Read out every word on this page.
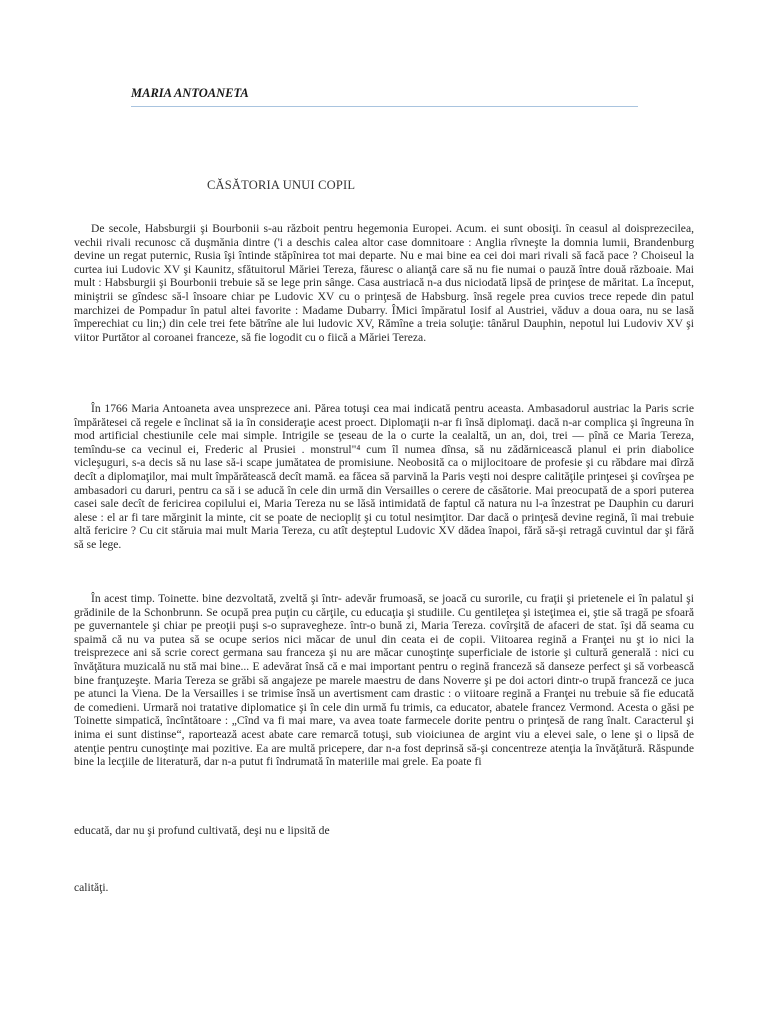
MARIA ANTOANETA
CĂSĂTORIA UNUI COPIL

De secole, Habsburgii şi Bourbonii s-au războit pentru hegemonia Europei. Acum. ei sunt obosiţi. în ceasul al doisprezecilea, vechii rivali recunosc că duşmănia dintre ('i a deschis calea altor case domnitoare : Anglia rîvneşte la domnia lumii, Brandenburg devine un regat puternic, Rusia îşi întinde stăpînirea tot mai departe. Nu e mai bine ea cei doi mari rivali să facă pace ? Choiseul la curtea iui Ludovic XV şi Kaunitz, sfătuitorul Măriei Tereza, făuresc o alianţă care să nu fie numai o pauză între două războaie. Mai mult : Habsburgii şi Bourbonii trebuie să se lege prin sânge. Casa austriacă n-a dus niciodată lipsă de prinţese de măritat. La început, miniştrii se gîndesc să-l însoare chiar pe Ludovic XV cu o prinţesă de Habsburg. însă regele prea cuvios trece repede din patul marchizei de Pompadur în patul altei favorite : Madame Dubarry. ÎMici împăratul Iosif al Austriei, văduv a doua oara, nu se lasă împerechiat cu lin;) din cele trei fete bătrîne ale lui ludovic XV, Rămîne a treia soluţie: tânărul Dauphin, nepotul lui Ludoviv XV şi viitor Purtător al coroanei franceze, să fie logodit cu o fiică a Măriei Tereza.

În 1766 Maria Antoaneta avea unsprezece ani. Părea totuşi cea mai indicată pentru aceasta. Ambasadorul austriac la Paris scrie împărătesei că regele e înclinat să ia în consideraţie acest proect. Diplomaţii n-ar fi însă diplomaţi. dacă n-ar complica şi îngreuna în mod artificial chestiunile cele mai simple. Intrigile se ţeseau de la o curte la cealaltă, un an, doi, trei — pînă ce Maria Tereza, temîndu-se ca vecinul ei, Frederic al Prusiei . monstrul"⁴ cum îl numea dînsa, să nu zădărnicească planul ei prin diabolice vicleşuguri, s-a decis să nu lase să-i scape jumătatea de promisiune. Neobosită ca o mijlocitoare de profesie şi cu răbdare mai dîrză decît a diplomaţilor, mai mult împărătească decît mamă. ea făcea să parvină la Paris veşti noi despre calităţile prinţesei şi covîrşea pe ambasadori cu daruri, pentru ca să i se aducă în cele din urmă din Versailles o cerere de căsătorie. Mai preocupată de a spori puterea casei sale decît de fericirea copilului ei, Maria Tereza nu se lăsă intimidată de faptul că natura nu l-a înzestrat pe Dauphin cu daruri alese : el ar fi tare mărginit la minte, cit se poate de neciopli̦t şi cu totul nesimţitor. Dar dacă o prinţesă devine regină, îi mai trebuie altă fericire ? Cu cit stăruia mai mult Maria Tereza, cu atît deşteptul Ludovic XV dădea înapoi, fără să-şi retragă cuvintul dar şi fără să se lege.

În acest timp. Toinette. bine dezvoltată, zveltă şi într- adevăr frumoasă, se joacă cu surorile, cu fraţii şi prietenele ei în palatul şi grădinile de la Schonbrunn. Se ocupă prea puţin cu cărţile, cu educaţia şi studiile. Cu gentileţea şi isteţimea ei, ştie să tragă pe sfoară pe guvernantele şi chiar pe preoţii puşi s-o supravegheze. într-o bună zi, Maria Tereza. covîrşită de afaceri de stat. îşi dă seama cu spaimă că nu va putea să se ocupe serios nici măcar de unul din ceata ei de copii. Viitoarea regină a Franţei nu şt io nici la treisprezece ani să scrie corect germana sau franceza şi nu are măcar cunoştinţe superficiale de istorie şi cultură generală : nici cu învăţătura muzicală nu stă mai bine... E adevărat însă că e mai important pentru o regină franceză să danseze perfect şi să vorbească bine franţuzeşte. Maria Tereza se grăbi să angajeze pe marele maestru de dans Noverre şi pe doi actori dintr-o trupă franceză ce juca pe atunci la Viena. De la Versailles i se trimise însă un avertisment cam drastic : o viitoare regină a Franţei nu trebuie să fie educată de comedieni. Urmară noi tratative diplomatice şi în cele din urmă fu trimis, ca educator, abatele francez Vermond. Acesta o găsi pe Toinette simpatică, încîntătoare : „Cînd va fi mai mare, va avea toate farmecele dorite pentru o prinţesă de rang înalt. Caracterul şi inima ei sunt distinse“, raportează acest abate care remarcă totuşi, sub vioiciunea de argint viu a elevei sale, o lene şi o lipsă de atenţie pentru cunoştinţe mai pozitive. Ea are multă pricepere, dar n-a fost deprinsă să-şi concentreze atenţia la învăţătură. Răspunde bine la lecţiile de literatură, dar n-a putut fi îndrumată în materiile mai grele. Ea poate fi

educată, dar nu şi profund cultivată, deşi nu e lipsită de

calităţi.
